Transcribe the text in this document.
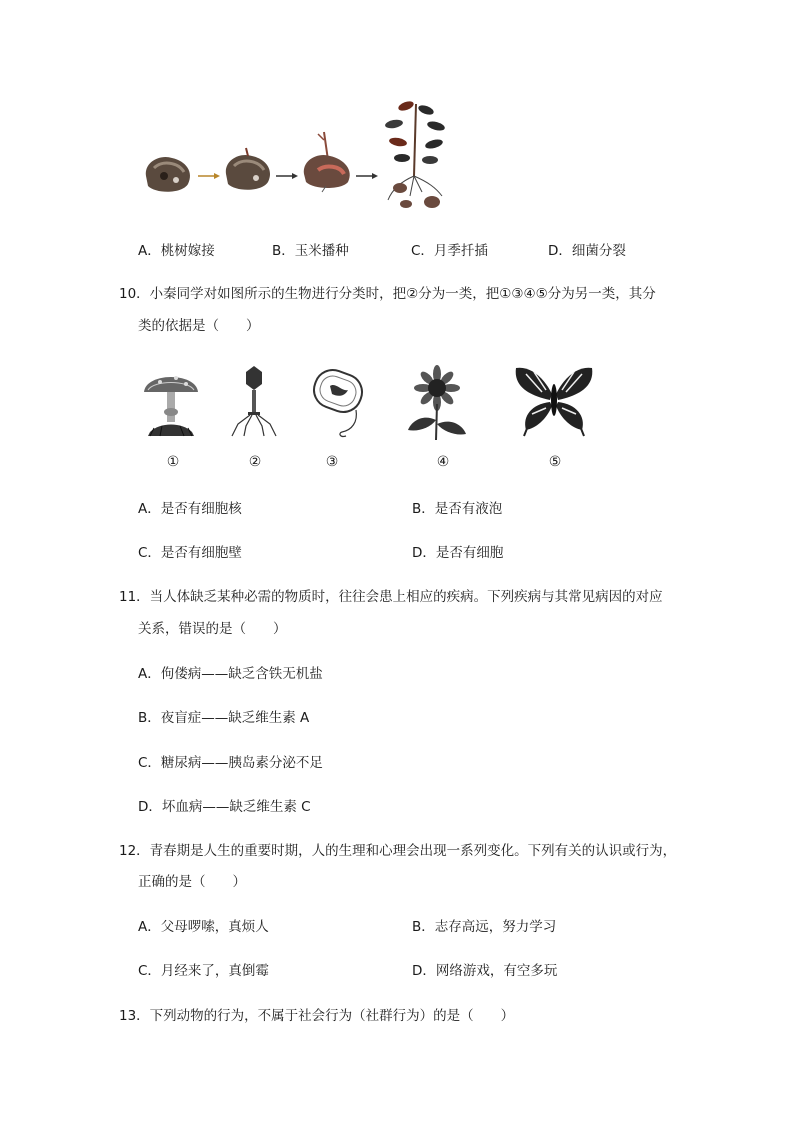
A．桃树嫁接	B．玉米播种	C．月季扦插	D．细菌分裂
10．小秦同学对如图所示的生物进行分类时，把②分为一类，把①③④⑤分为另一类，其分
类的依据是（　　）
①	②	③	④	⑤
A．是否有细胞核	B．是否有液泡
C．是否有细胞壁	D．是否有细胞
11．当人体缺乏某种必需的物质时，往往会患上相应的疾病。下列疾病与其常见病因的对应
关系，错误的是（　　）
A．佝偻病——缺乏含铁无机盐
B．夜盲症——缺乏维生素 A
C．糖尿病——胰岛素分泌不足
D．坏血病——缺乏维生素 C
12．青春期是人生的重要时期，人的生理和心理会出现一系列变化。下列有关的认识或行为，
正确的是（　　）
A．父母啰嗦，真烦人	B．志存高远，努力学习
C．月经来了，真倒霉	D．网络游戏，有空多玩
13．下列动物的行为，不属于社会行为（社群行为）的是（　　）
